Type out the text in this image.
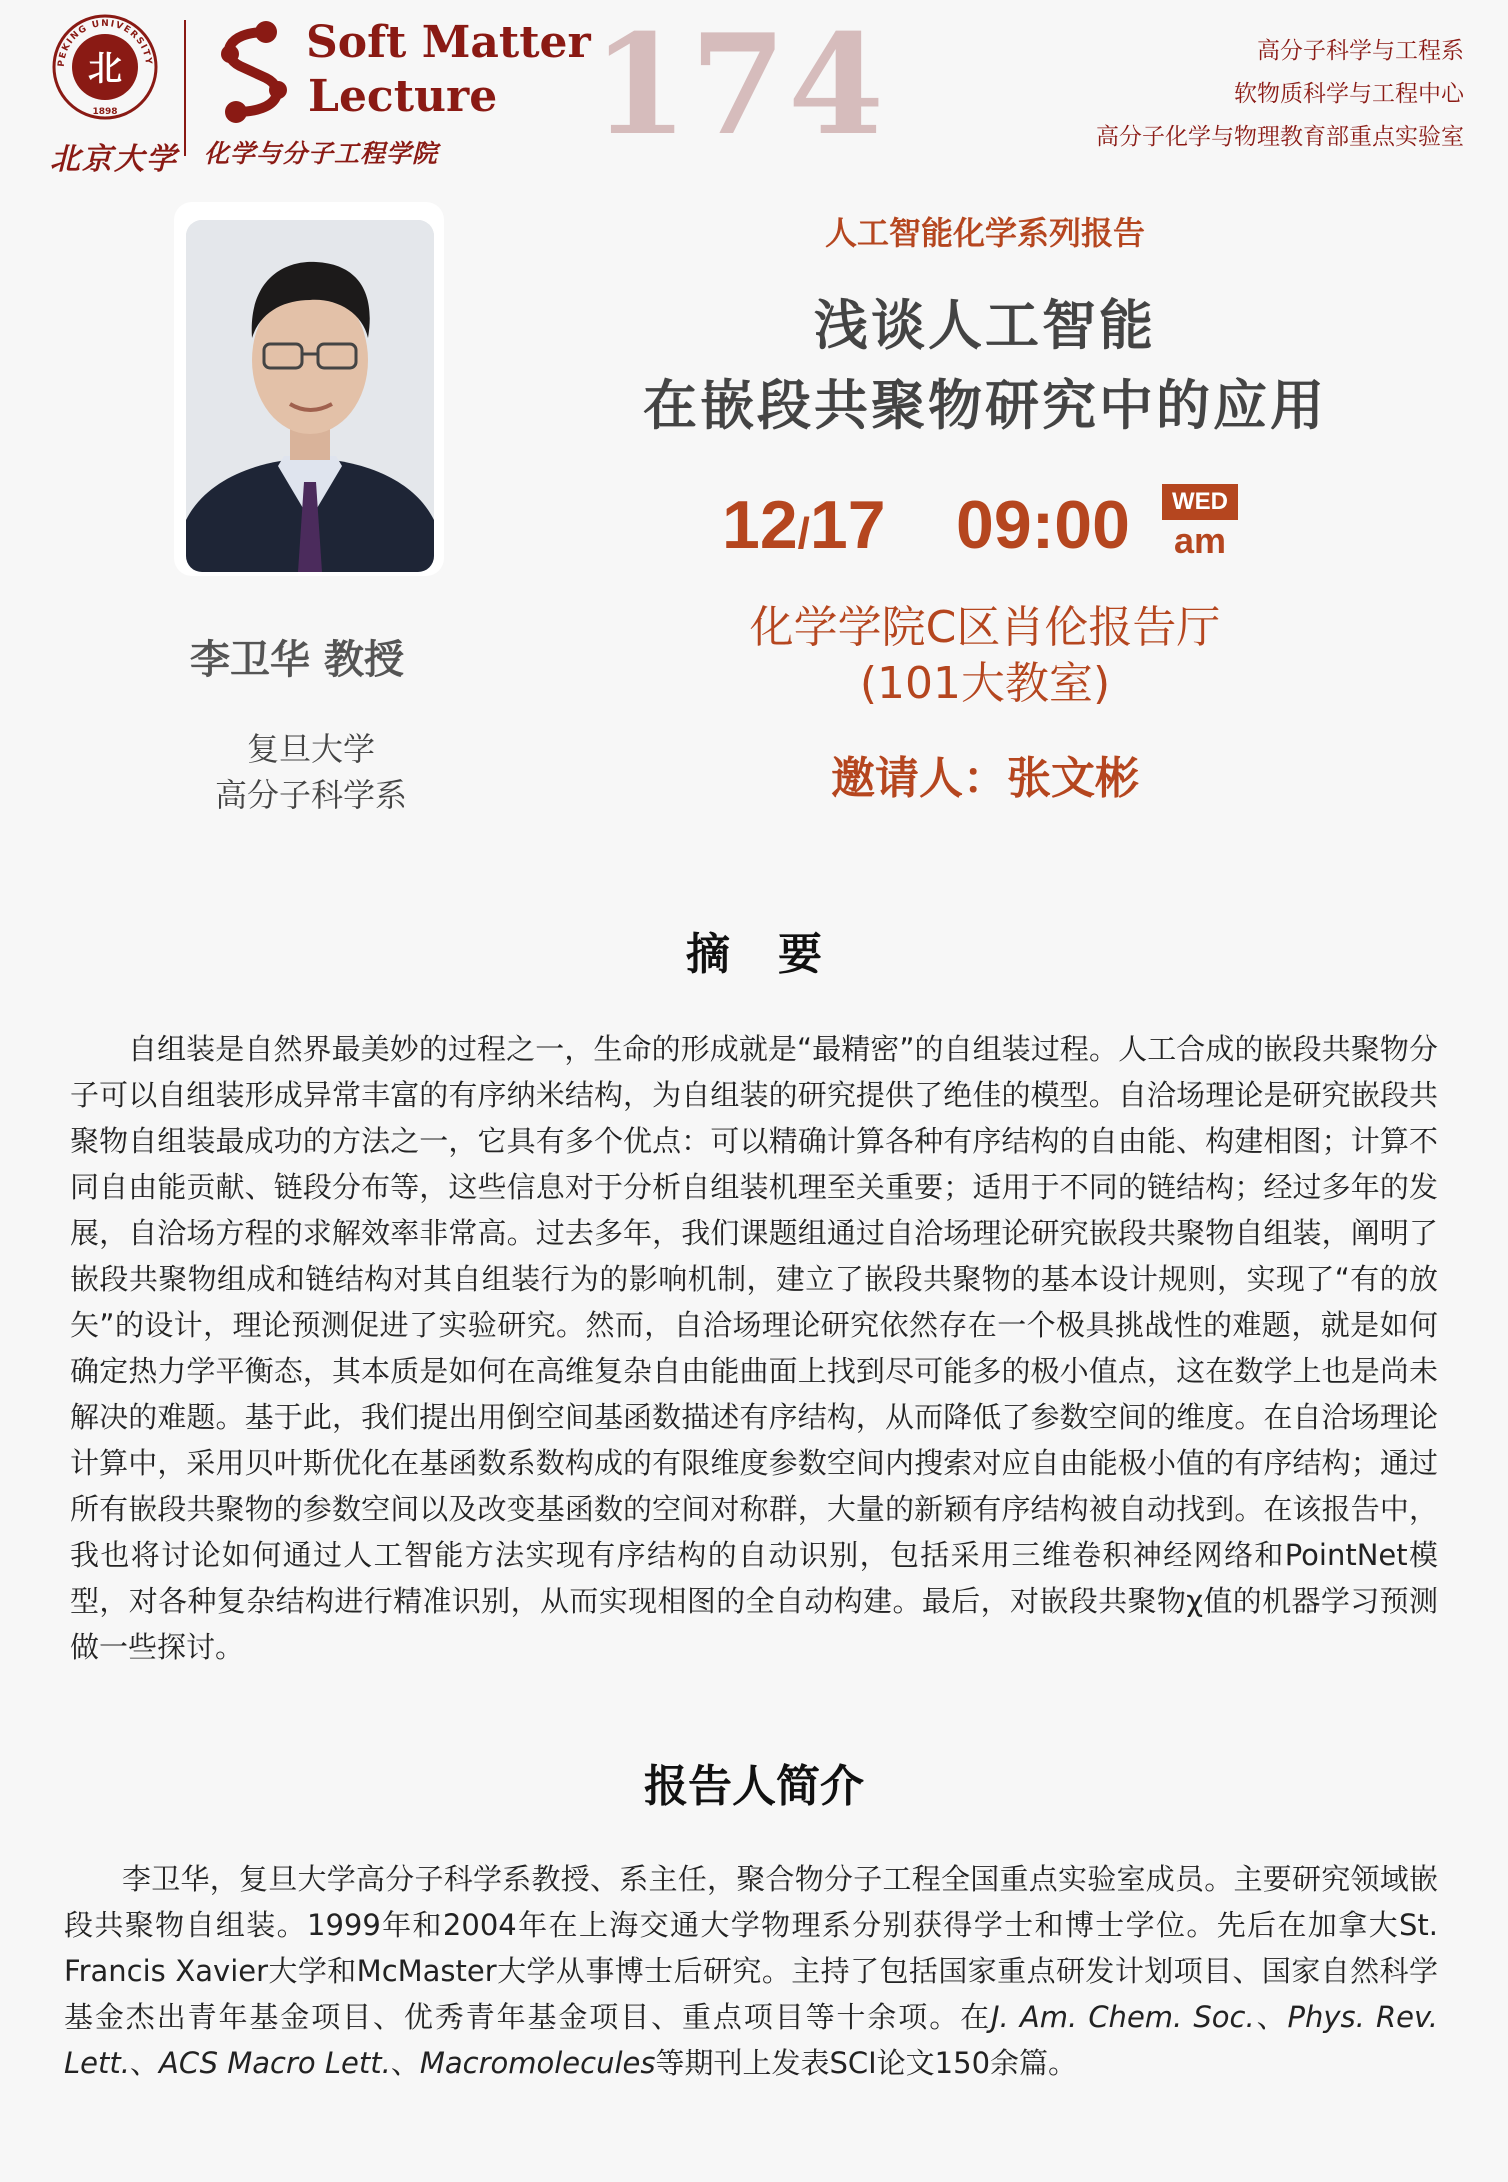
PEKING UNIVERSITY
1898
北
北京大学
Soft Matter
Lecture
化学与分子工程学院 174	高分子科学与工程系
软物质科学与工程中心
高分子化学与物理教育部重点实验室
李卫华 教授
复旦大学
高分子科学系
人工智能化学系列报告
浅谈人工智能
在嵌段共聚物研究中的应用
12/17 09:00	WED
am
化学学院C区肖伦报告厅
(101大教室)
邀请人：张文彬
摘要

自组装是自然界最美妙的过程之一，生命的形成就是“最精密”的自组装过程。人工合成的嵌段共聚物分子可以自组装形成异常丰富的有序纳米结构，为自组装的研究提供了绝佳的模型。自洽场理论是研究嵌段共聚物自组装最成功的方法之一，它具有多个优点：可以精确计算各种有序结构的自由能、构建相图；计算不同自由能贡献、链段分布等，这些信息对于分析自组装机理至关重要；适用于不同的链结构；经过多年的发展，自洽场方程的求解效率非常高。过去多年，我们课题组通过自洽场理论研究嵌段共聚物自组装，阐明了嵌段共聚物组成和链结构对其自组装行为的影响机制，建立了嵌段共聚物的基本设计规则，实现了“有的放矢”的设计，理论预测促进了实验研究。然而，自洽场理论研究依然存在一个极具挑战性的难题，就是如何确定热力学平衡态，其本质是如何在高维复杂自由能曲面上找到尽可能多的极小值点，这在数学上也是尚未解决的难题。基于此，我们提出用倒空间基函数描述有序结构，从而降低了参数空间的维度。在自洽场理论计算中，采用贝叶斯优化在基函数系数构成的有限维度参数空间内搜索对应自由能极小值的有序结构；通过所有嵌段共聚物的参数空间以及改变基函数的空间对称群，大量的新颖有序结构被自动找到。在该报告中，我也将讨论如何通过人工智能方法实现有序结构的自动识别，包括采用三维卷积神经网络和PointNet模型，对各种复杂结构进行精准识别，从而实现相图的全自动构建。最后，对嵌段共聚物χ值的机器学习预测做一些探讨。

报告人简介

李卫华，复旦大学高分子科学系教授、系主任，聚合物分子工程全国重点实验室成员。主要研究领域嵌段共聚物自组装。1999年和2004年在上海交通大学物理系分别获得学士和博士学位。先后在加拿大St. Francis Xavier大学和McMaster大学从事博士后研究。主持了包括国家重点研发计划项目、国家自然科学基金杰出青年基金项目、优秀青年基金项目、重点项目等十余项。在J. Am. Chem. Soc.、Phys. Rev. Lett.、ACS Macro Lett.、Macromolecules等期刊上发表SCI论文150余篇。
